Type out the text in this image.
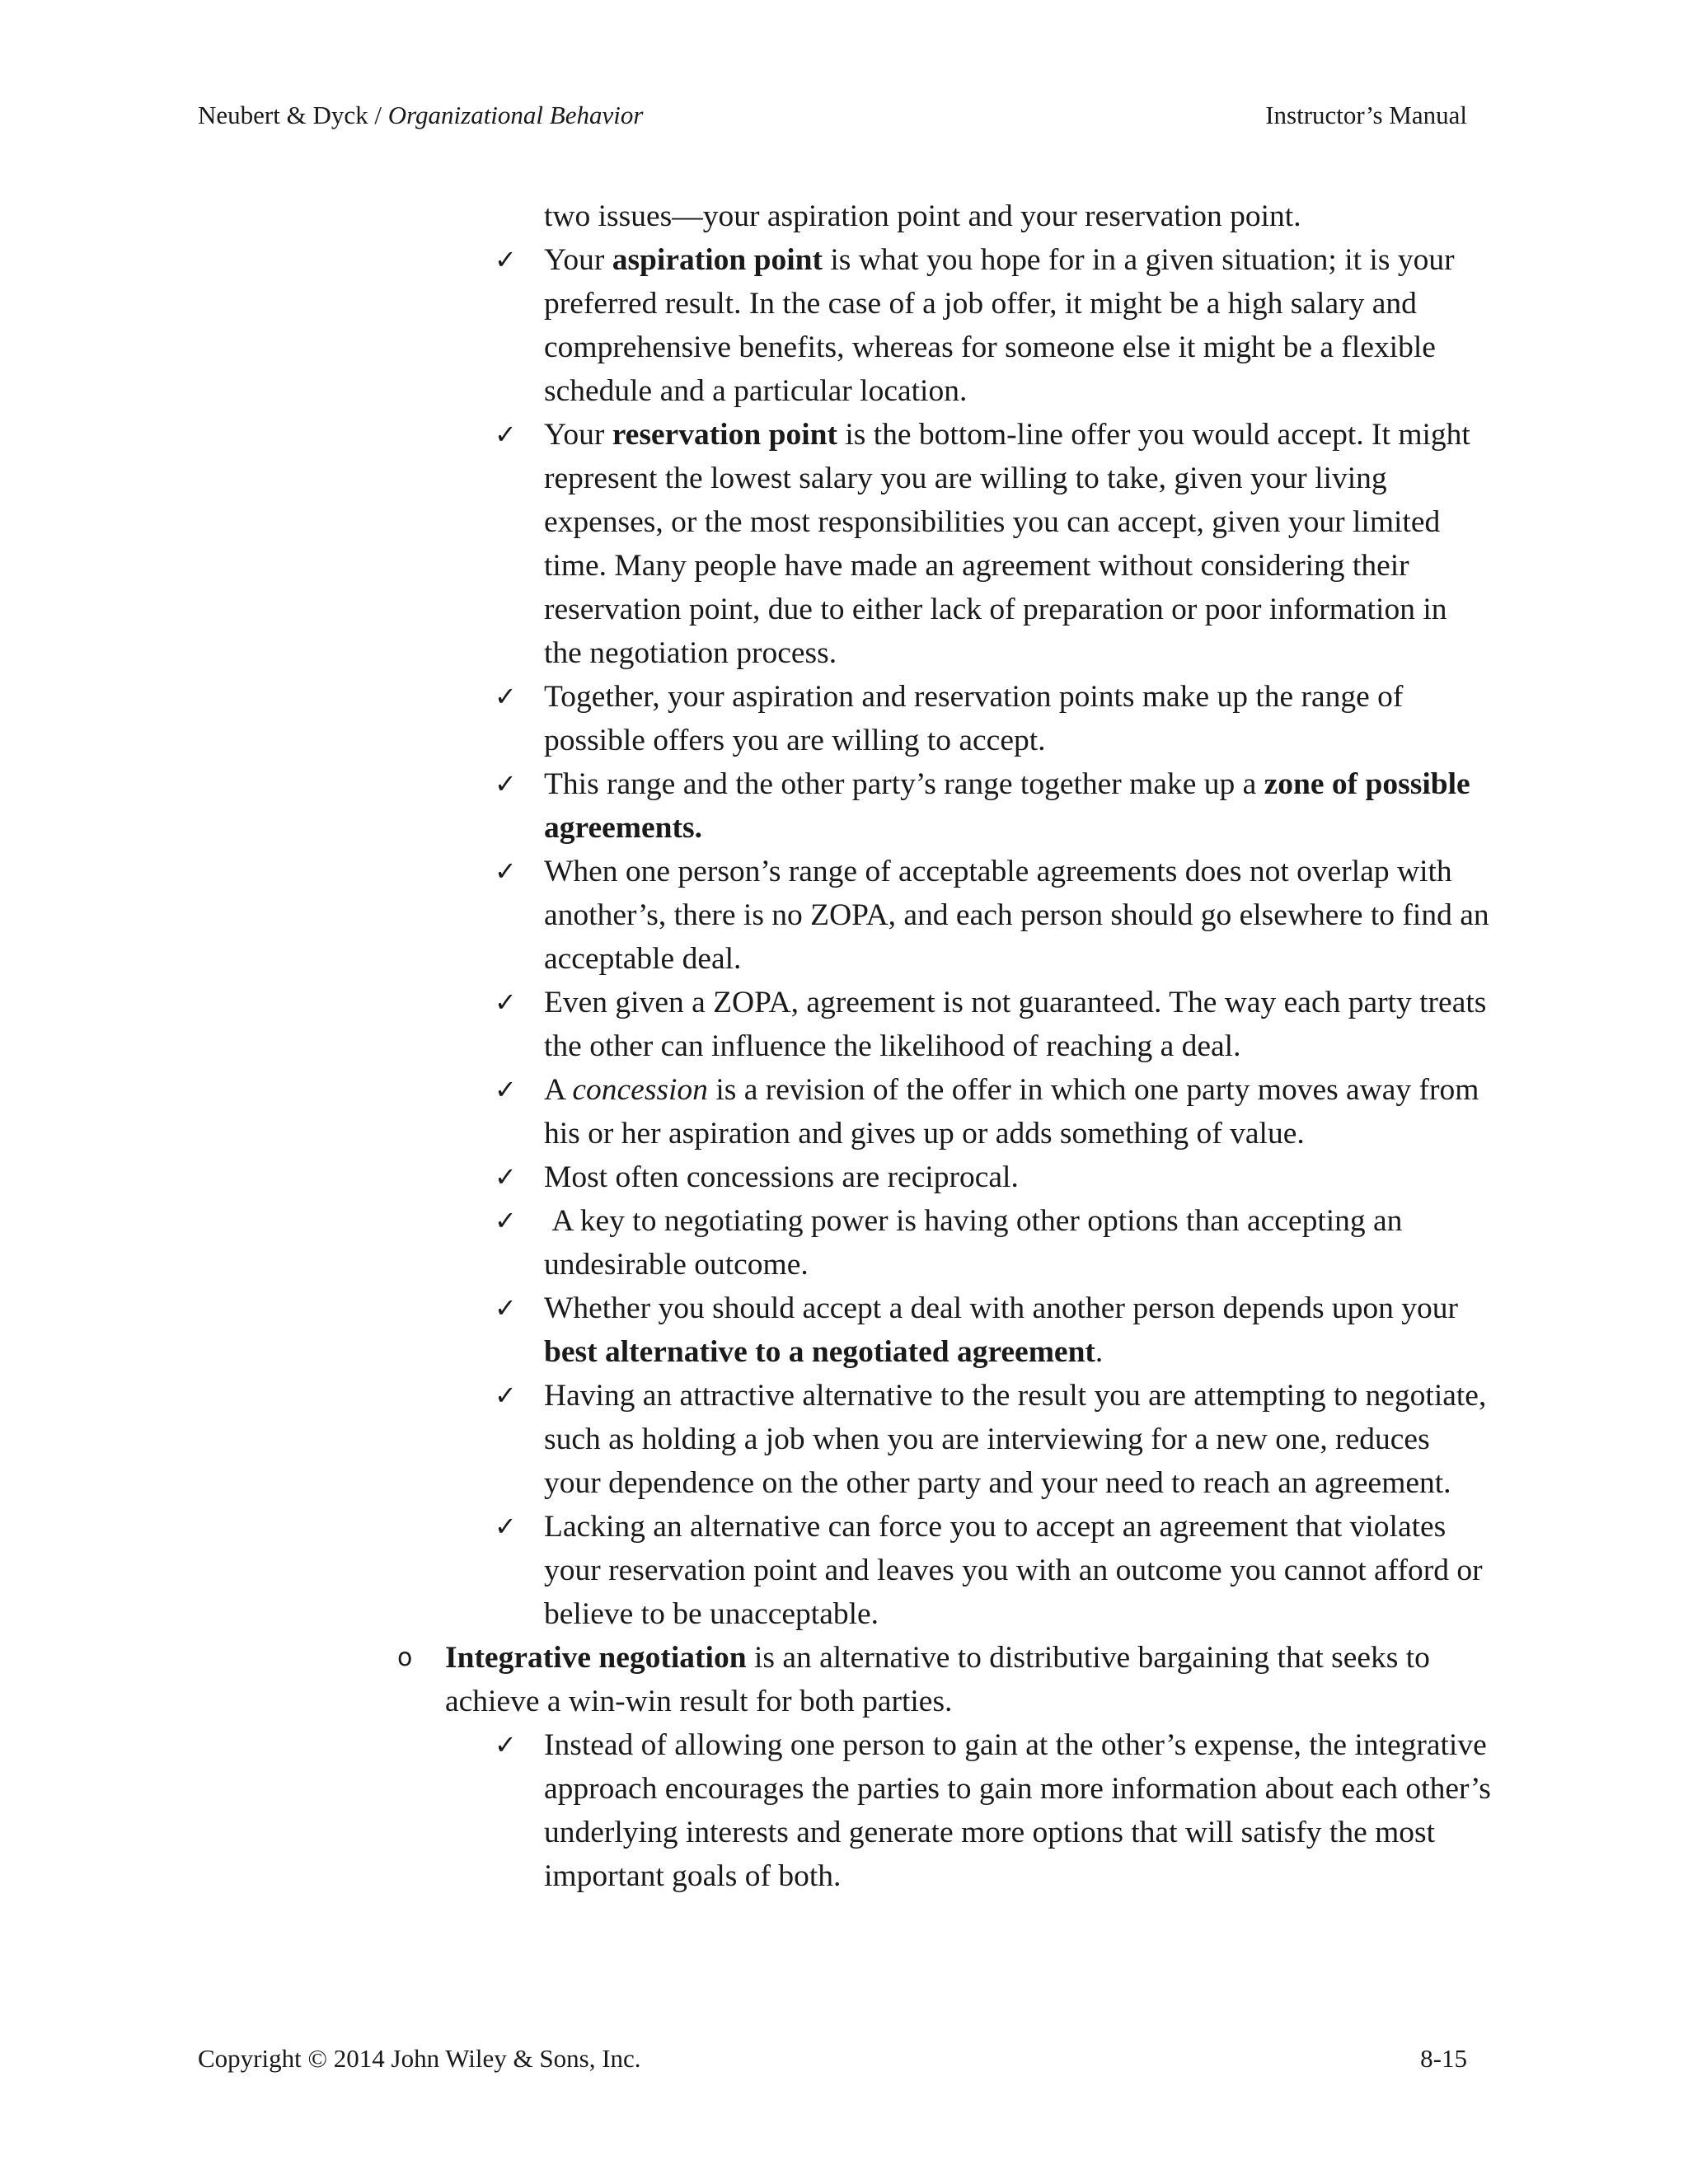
Neubert & Dyck / Organizational Behavior	Instructor’s Manual
two issues—your aspiration point and your reservation point.
✓ Your aspiration point is what you hope for in a given situation; it is your preferred result. In the case of a job offer, it might be a high salary and comprehensive benefits, whereas for someone else it might be a flexible schedule and a particular location.
✓ Your reservation point is the bottom-line offer you would accept. It might represent the lowest salary you are willing to take, given your living expenses, or the most responsibilities you can accept, given your limited time. Many people have made an agreement without considering their reservation point, due to either lack of preparation or poor information in the negotiation process.
✓ Together, your aspiration and reservation points make up the range of possible offers you are willing to accept.
✓ This range and the other party’s range together make up a zone of possible agreements.
✓ When one person’s range of acceptable agreements does not overlap with another’s, there is no ZOPA, and each person should go elsewhere to find an acceptable deal.
✓ Even given a ZOPA, agreement is not guaranteed. The way each party treats the other can influence the likelihood of reaching a deal.
✓ A concession is a revision of the offer in which one party moves away from his or her aspiration and gives up or adds something of value.
✓ Most often concessions are reciprocal.
✓ A key to negotiating power is having other options than accepting an undesirable outcome.
✓ Whether you should accept a deal with another person depends upon your best alternative to a negotiated agreement.
✓ Having an attractive alternative to the result you are attempting to negotiate, such as holding a job when you are interviewing for a new one, reduces your dependence on the other party and your need to reach an agreement.
✓ Lacking an alternative can force you to accept an agreement that violates your reservation point and leaves you with an outcome you cannot afford or believe to be unacceptable.
o Integrative negotiation is an alternative to distributive bargaining that seeks to achieve a win-win result for both parties.
✓ Instead of allowing one person to gain at the other’s expense, the integrative approach encourages the parties to gain more information about each other’s underlying interests and generate more options that will satisfy the most important goals of both.
Copyright © 2014 John Wiley & Sons, Inc.	8-15
